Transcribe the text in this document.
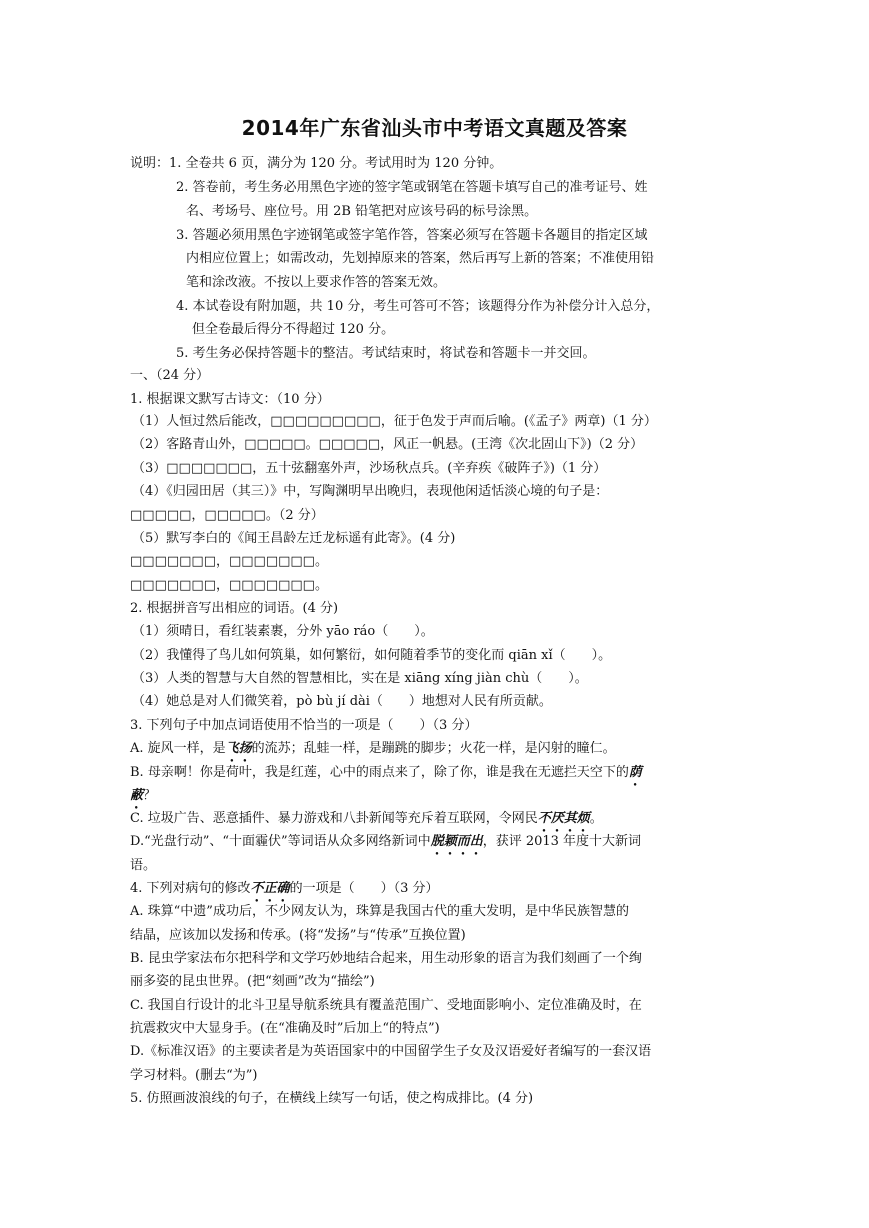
2014年广东省汕头市中考语文真题及答案
说明：1. 全卷共 6 页，满分为 120 分。考试用时为 120 分钟。
2. 答卷前，考生务必用黑色字迹的签字笔或钢笔在答题卡填写自己的准考证号、姓
名、考场号、座位号。用 2B 铅笔把对应该号码的标号涂黑。
3. 答题必须用黑色字迹钢笔或签字笔作答，答案必须写在答题卡各题目的指定区域
内相应位置上；如需改动，先划掉原来的答案，然后再写上新的答案；不准使用铅
笔和涂改液。不按以上要求作答的答案无效。
4. 本试卷设有附加题，共 10 分，考生可答可不答；该题得分作为补偿分计入总分，
但全卷最后得分不得超过 120 分。
5. 考生务必保持答题卡的整洁。考试结束时，将试卷和答题卡一并交回。
一、（24 分）
1. 根据课文默写古诗文：（10 分）
（1）人恒过然后能改，□□□□□□□□□，征于色发于声而后喻。(《孟子》两章)（1 分）
（2）客路青山外，□□□□□。□□□□□，风正一帆悬。(王湾《次北固山下》)（2 分）
（3）□□□□□□□，五十弦翻塞外声，沙场秋点兵。(辛弃疾《破阵子》)（1 分）
（4）《归园田居（其三）》中，写陶渊明早出晚归，表现他闲适恬淡心境的句子是：
□□□□□，□□□□□。（2 分）
（5）默写李白的《闻王昌龄左迁龙标遥有此寄》。(4 分)
□□□□□□□，□□□□□□□。
□□□□□□□，□□□□□□□。
2. 根据拼音写出相应的词语。(4 分)
（1）须晴日，看红装素裹，分外 yāo ráo（　　）。
（2）我懂得了鸟儿如何筑巢，如何繁衍，如何随着季节的变化而 qiān xǐ（　　）。
（3）人类的智慧与大自然的智慧相比，实在是 xiāng xíng jiàn chù（　　）。
（4）她总是对人们微笑着，pò bù jí dài（　　）地想对人民有所贡献。
3. 下列句子中加点词语使用不恰当的一项是（　　）（3 分）
A. 旋风一样，是飞扬的流苏；乱蛙一样，是蹦跳的脚步；火花一样，是闪射的瞳仁。
B. 母亲啊！你是荷叶，我是红莲，心中的雨点来了，除了你，谁是我在无遮拦天空下的荫
蔽？
C. 垃圾广告、恶意插件、暴力游戏和八卦新闻等充斥着互联网，令网民不厌其烦。
D.“光盘行动”、“十面霾伏”等词语从众多网络新词中脱颖而出，获评 2013 年度十大新词
语。
4. 下列对病句的修改不正确的一项是（　　）（3 分）
A. 珠算“中遗”成功后，不少网友认为，珠算是我国古代的重大发明，是中华民族智慧的
结晶，应该加以发扬和传承。(将“发扬”与“传承”互换位置)
B. 昆虫学家法布尔把科学和文学巧妙地结合起来，用生动形象的语言为我们刻画了一个绚
丽多姿的昆虫世界。(把“刻画”改为“描绘”)
C. 我国自行设计的北斗卫星导航系统具有覆盖范围广、受地面影响小、定位准确及时，在
抗震救灾中大显身手。(在“准确及时”后加上“的特点”)
D.《标准汉语》的主要读者是为英语国家中的中国留学生子女及汉语爱好者编写的一套汉语
学习材料。(删去“为”)
5. 仿照画波浪线的句子，在横线上续写一句话，使之构成排比。(4 分)
